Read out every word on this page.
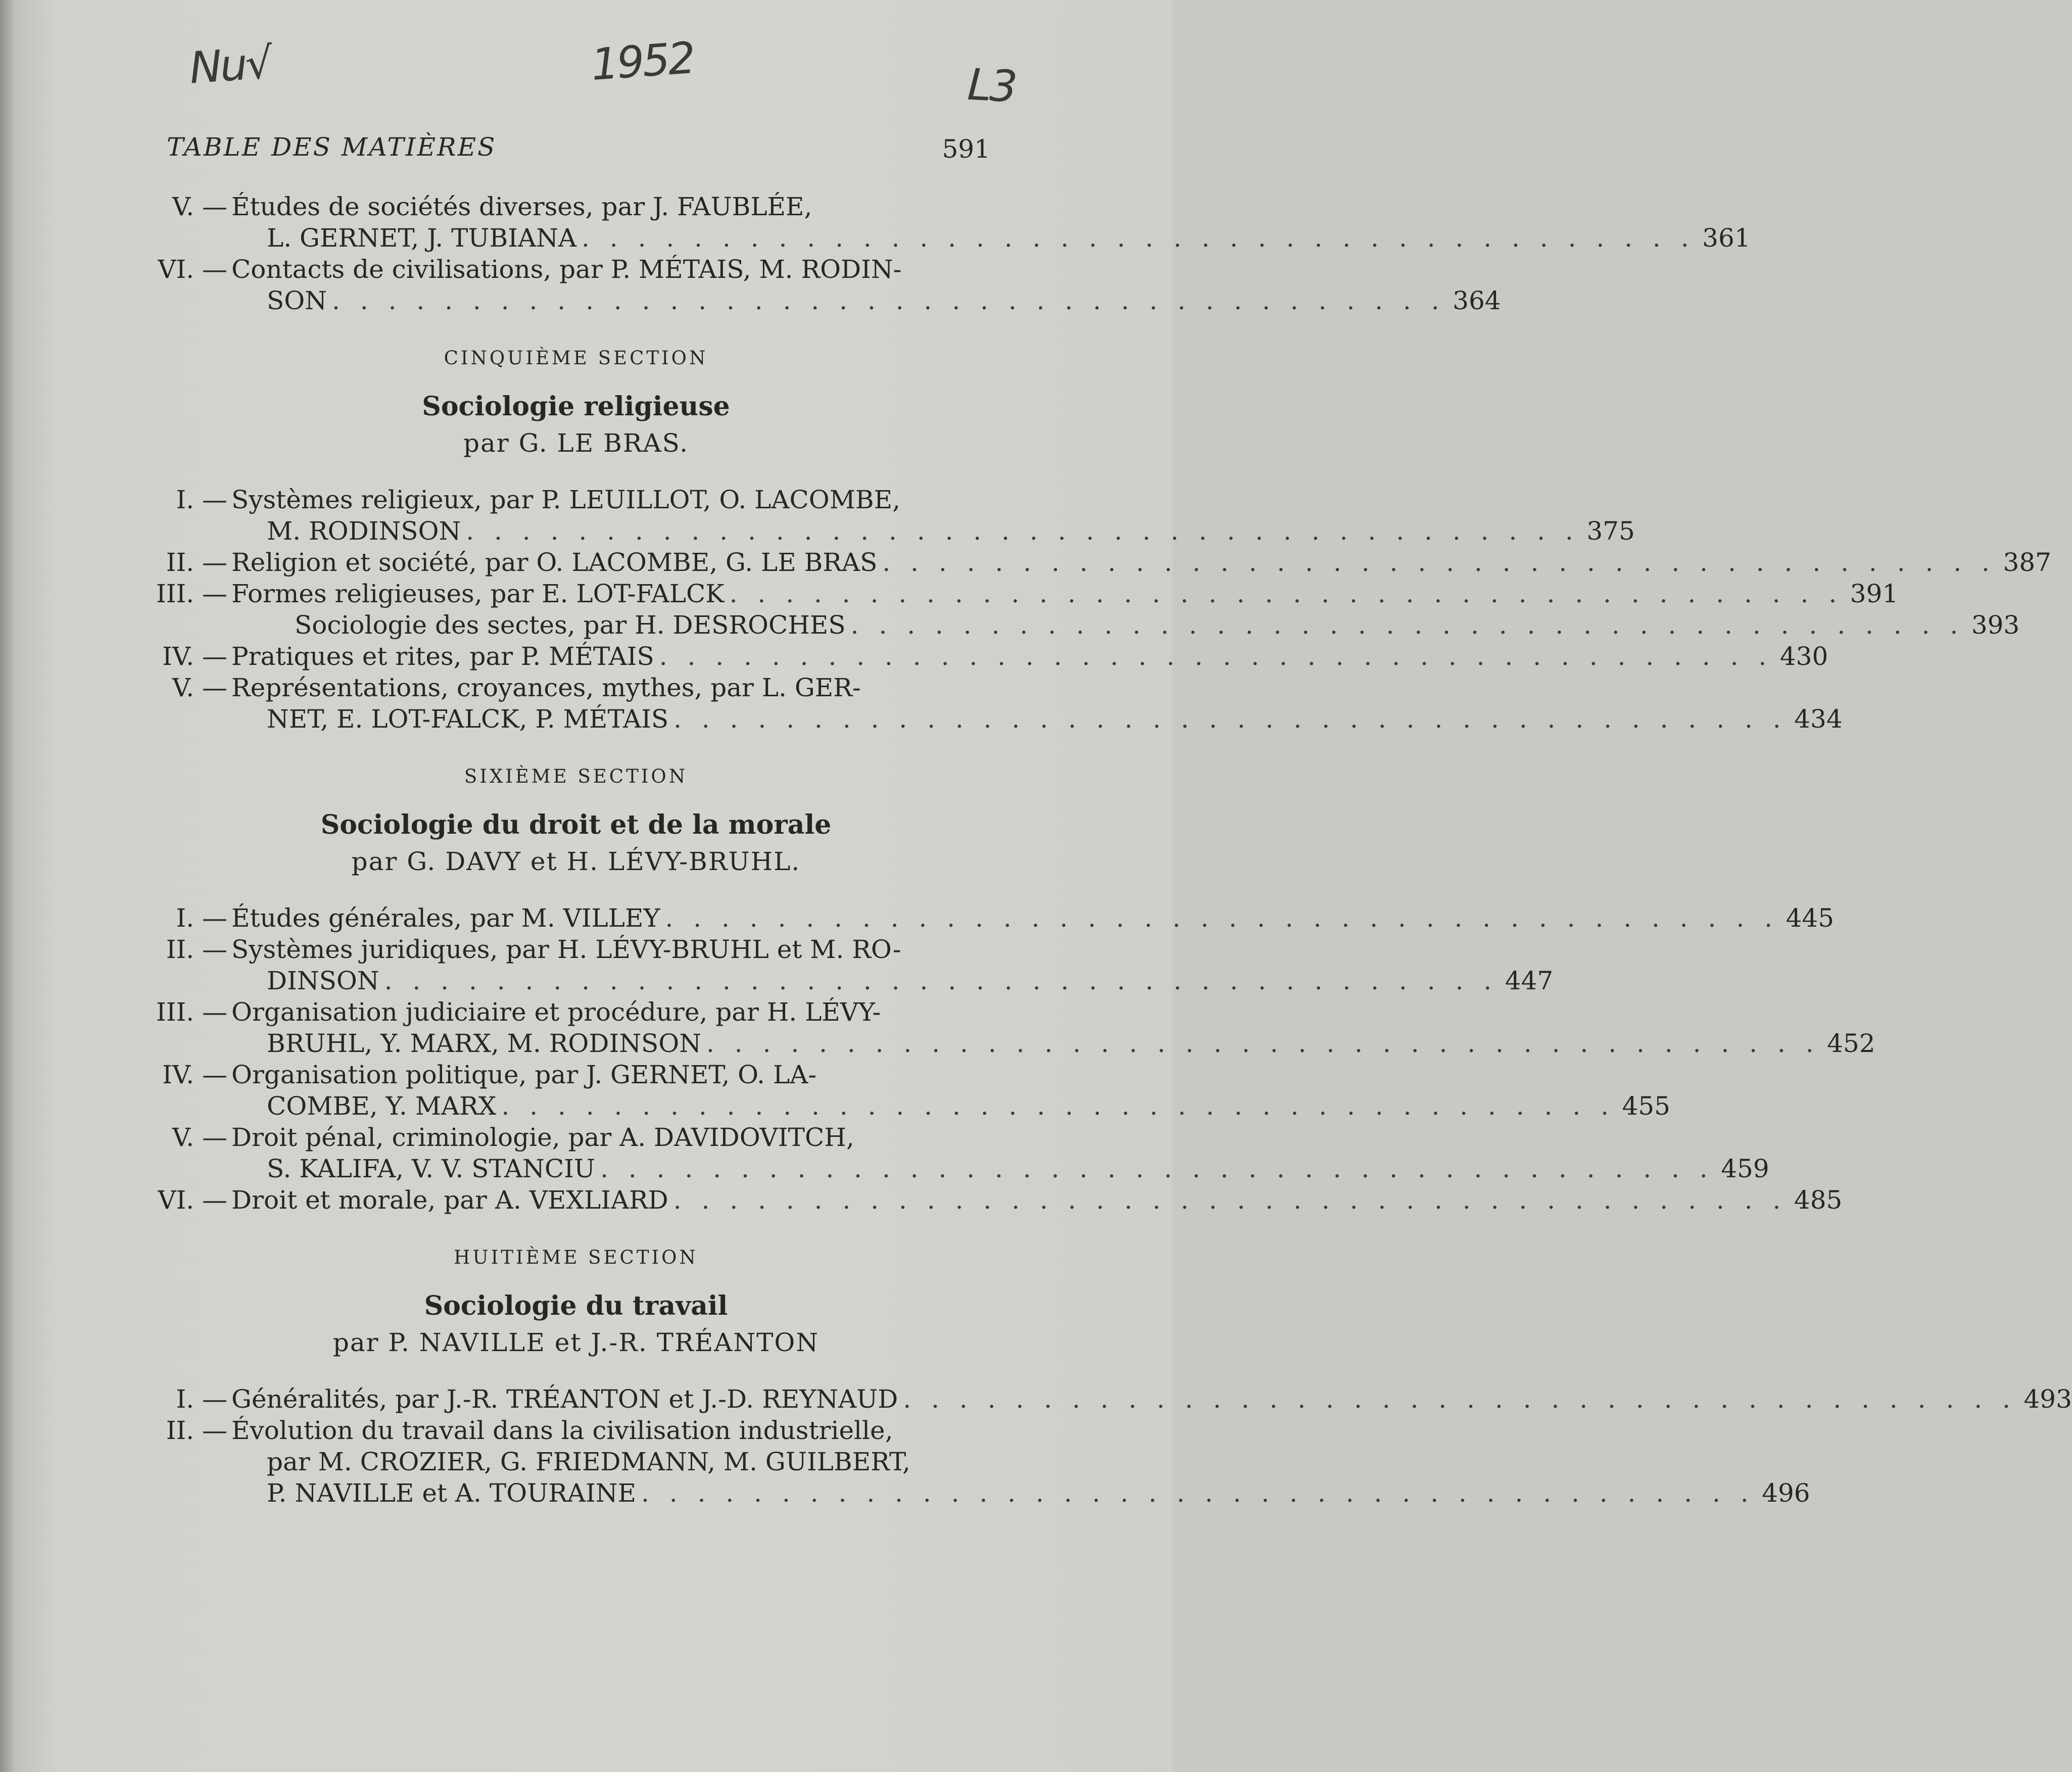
Nu√	1952	L3
TABLE DES MATIÈRES	591
V. — Études de sociétés diverses, par J. FAUBLÉE,
L. GERNET, J. TUBIANA . . . . . . . . . . . . . . . . . . . . . . . . . . . . . . . . . . . . . . . . 361
VI. — Contacts de civilisations, par P. MÉTAIS, M. RODIN-
SON . . . . . . . . . . . . . . . . . . . . . . . . . . . . . . . . . . . . . . . . 364
CINQUIÈME SECTION
Sociologie religieuse
par G. LE BRAS.
I. — Systèmes religieux, par P. LEUILLOT, O. LACOMBE,
M. RODINSON . . . . . . . . . . . . . . . . . . . . . . . . . . . . . . . . . . . . . . . . 375
II. — Religion et société, par O. LACOMBE, G. LE BRAS . . . . . . . . . . . . . . . . . . . . . . . . . . . . . . . . . . . . . . . . 387
III. — Formes religieuses, par E. LOT-FALCK . . . . . . . . . . . . . . . . . . . . . . . . . . . . . . . . . . . . . . . . 391
Sociologie des sectes, par H. DESROCHES . . . . . . . . . . . . . . . . . . . . . . . . . . . . . . . . . . . . . . . . 393
IV. — Pratiques et rites, par P. MÉTAIS . . . . . . . . . . . . . . . . . . . . . . . . . . . . . . . . . . . . . . . . 430
V. — Représentations, croyances, mythes, par L. GER-
NET, E. LOT-FALCK, P. MÉTAIS . . . . . . . . . . . . . . . . . . . . . . . . . . . . . . . . . . . . . . . . 434
SIXIÈME SECTION
Sociologie du droit et de la morale
par G. DAVY et H. LÉVY-BRUHL.
I. — Études générales, par M. VILLEY . . . . . . . . . . . . . . . . . . . . . . . . . . . . . . . . . . . . . . . . 445
II. — Systèmes juridiques, par H. LÉVY-BRUHL et M. RO-
DINSON . . . . . . . . . . . . . . . . . . . . . . . . . . . . . . . . . . . . . . . . 447
III. — Organisation judiciaire et procédure, par H. LÉVY-
BRUHL, Y. MARX, M. RODINSON . . . . . . . . . . . . . . . . . . . . . . . . . . . . . . . . . . . . . . . . 452
IV. — Organisation politique, par J. GERNET, O. LA-
COMBE, Y. MARX . . . . . . . . . . . . . . . . . . . . . . . . . . . . . . . . . . . . . . . . 455
V. — Droit pénal, criminologie, par A. DAVIDOVITCH,
S. KALIFA, V. V. STANCIU . . . . . . . . . . . . . . . . . . . . . . . . . . . . . . . . . . . . . . . . 459
VI. — Droit et morale, par A. VEXLIARD . . . . . . . . . . . . . . . . . . . . . . . . . . . . . . . . . . . . . . . . 485
HUITIÈME SECTION
Sociologie du travail
par P. NAVILLE et J.-R. TRÉANTON
I. — Généralités, par J.-R. TRÉANTON et J.-D. REYNAUD . . . . . . . . . . . . . . . . . . . . . . . . . . . . . . . . . . . . . . . . 493
II. — Évolution du travail dans la civilisation industrielle,
par M. CROZIER, G. FRIEDMANN, M. GUILBERT,
P. NAVILLE et A. TOURAINE . . . . . . . . . . . . . . . . . . . . . . . . . . . . . . . . . . . . . . . . 496
